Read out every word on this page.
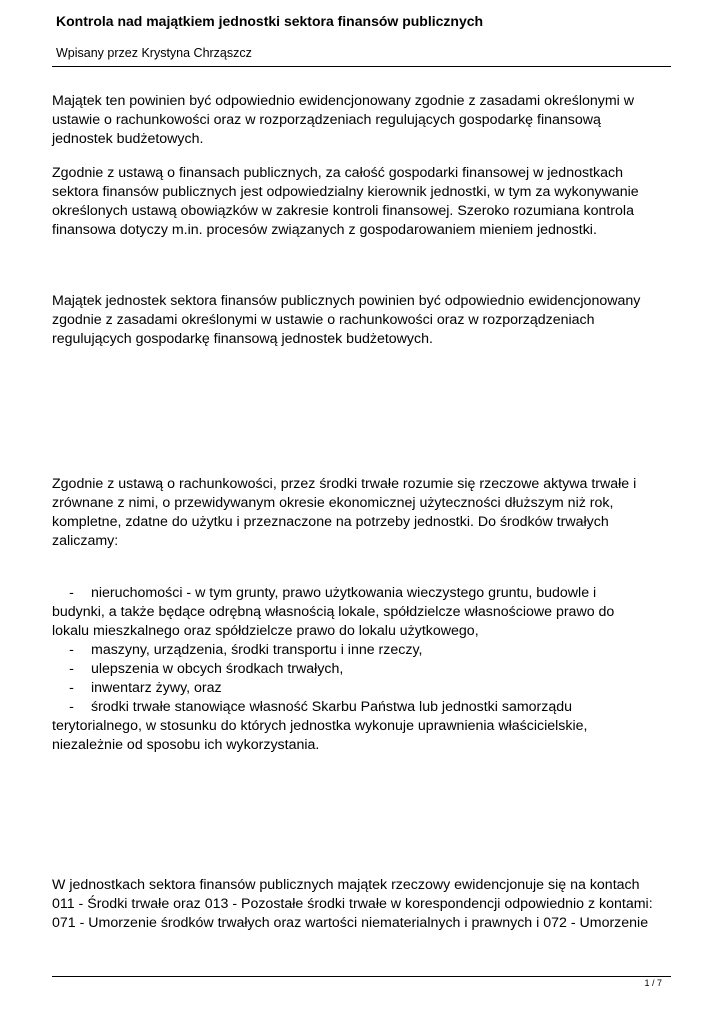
Kontrola nad majątkiem jednostki sektora finansów publicznych
Wpisany przez Krystyna Chrząszcz
Majątek ten powinien być odpowiednio ewidencjonowany zgodnie z zasadami określonymi w
ustawie o rachunkowości oraz w rozporządzeniach regulujących gospodarkę finansową
jednostek budżetowych.
Zgodnie z ustawą o finansach publicznych, za całość gospodarki finansowej w jednostkach
sektora finansów publicznych jest odpowiedzialny kierownik jednostki, w tym za wykonywanie
określonych ustawą obowiązków w zakresie kontroli finansowej. Szeroko rozumiana kontrola
finansowa dotyczy m.in. procesów związanych z gospodarowaniem mieniem jednostki.
Majątek jednostek sektora finansów publicznych powinien być odpowiednio ewidencjonowany
zgodnie z zasadami określonymi w ustawie o rachunkowości oraz w rozporządzeniach
regulujących gospodarkę finansową jednostek budżetowych.
Zgodnie z ustawą o rachunkowości, przez środki trwałe rozumie się rzeczowe aktywa trwałe i
zrównane z nimi, o przewidywanym okresie ekonomicznej użyteczności dłuższym niż rok,
kompletne, zdatne do użytku i przeznaczone na potrzeby jednostki. Do środków trwałych
zaliczamy:
- nieruchomości - w tym grunty, prawo użytkowania wieczystego gruntu, budowle i
budynki, a także będące odrębną własnością lokale, spółdzielcze własnościowe prawo do
lokalu mieszkalnego oraz spółdzielcze prawo do lokalu użytkowego,
- maszyny, urządzenia, środki transportu i inne rzeczy,
- ulepszenia w obcych środkach trwałych,
- inwentarz żywy, oraz
- środki trwałe stanowiące własność Skarbu Państwa lub jednostki samorządu
terytorialnego, w stosunku do których jednostka wykonuje uprawnienia właścicielskie,
niezależnie od sposobu ich wykorzystania.
W jednostkach sektora finansów publicznych majątek rzeczowy ewidencjonuje się na kontach
011 - Środki trwałe oraz 013 - Pozostałe środki trwałe w korespondencji odpowiednio z kontami:
071 - Umorzenie środków trwałych oraz wartości niematerialnych i prawnych i 072 - Umorzenie
1 / 7
